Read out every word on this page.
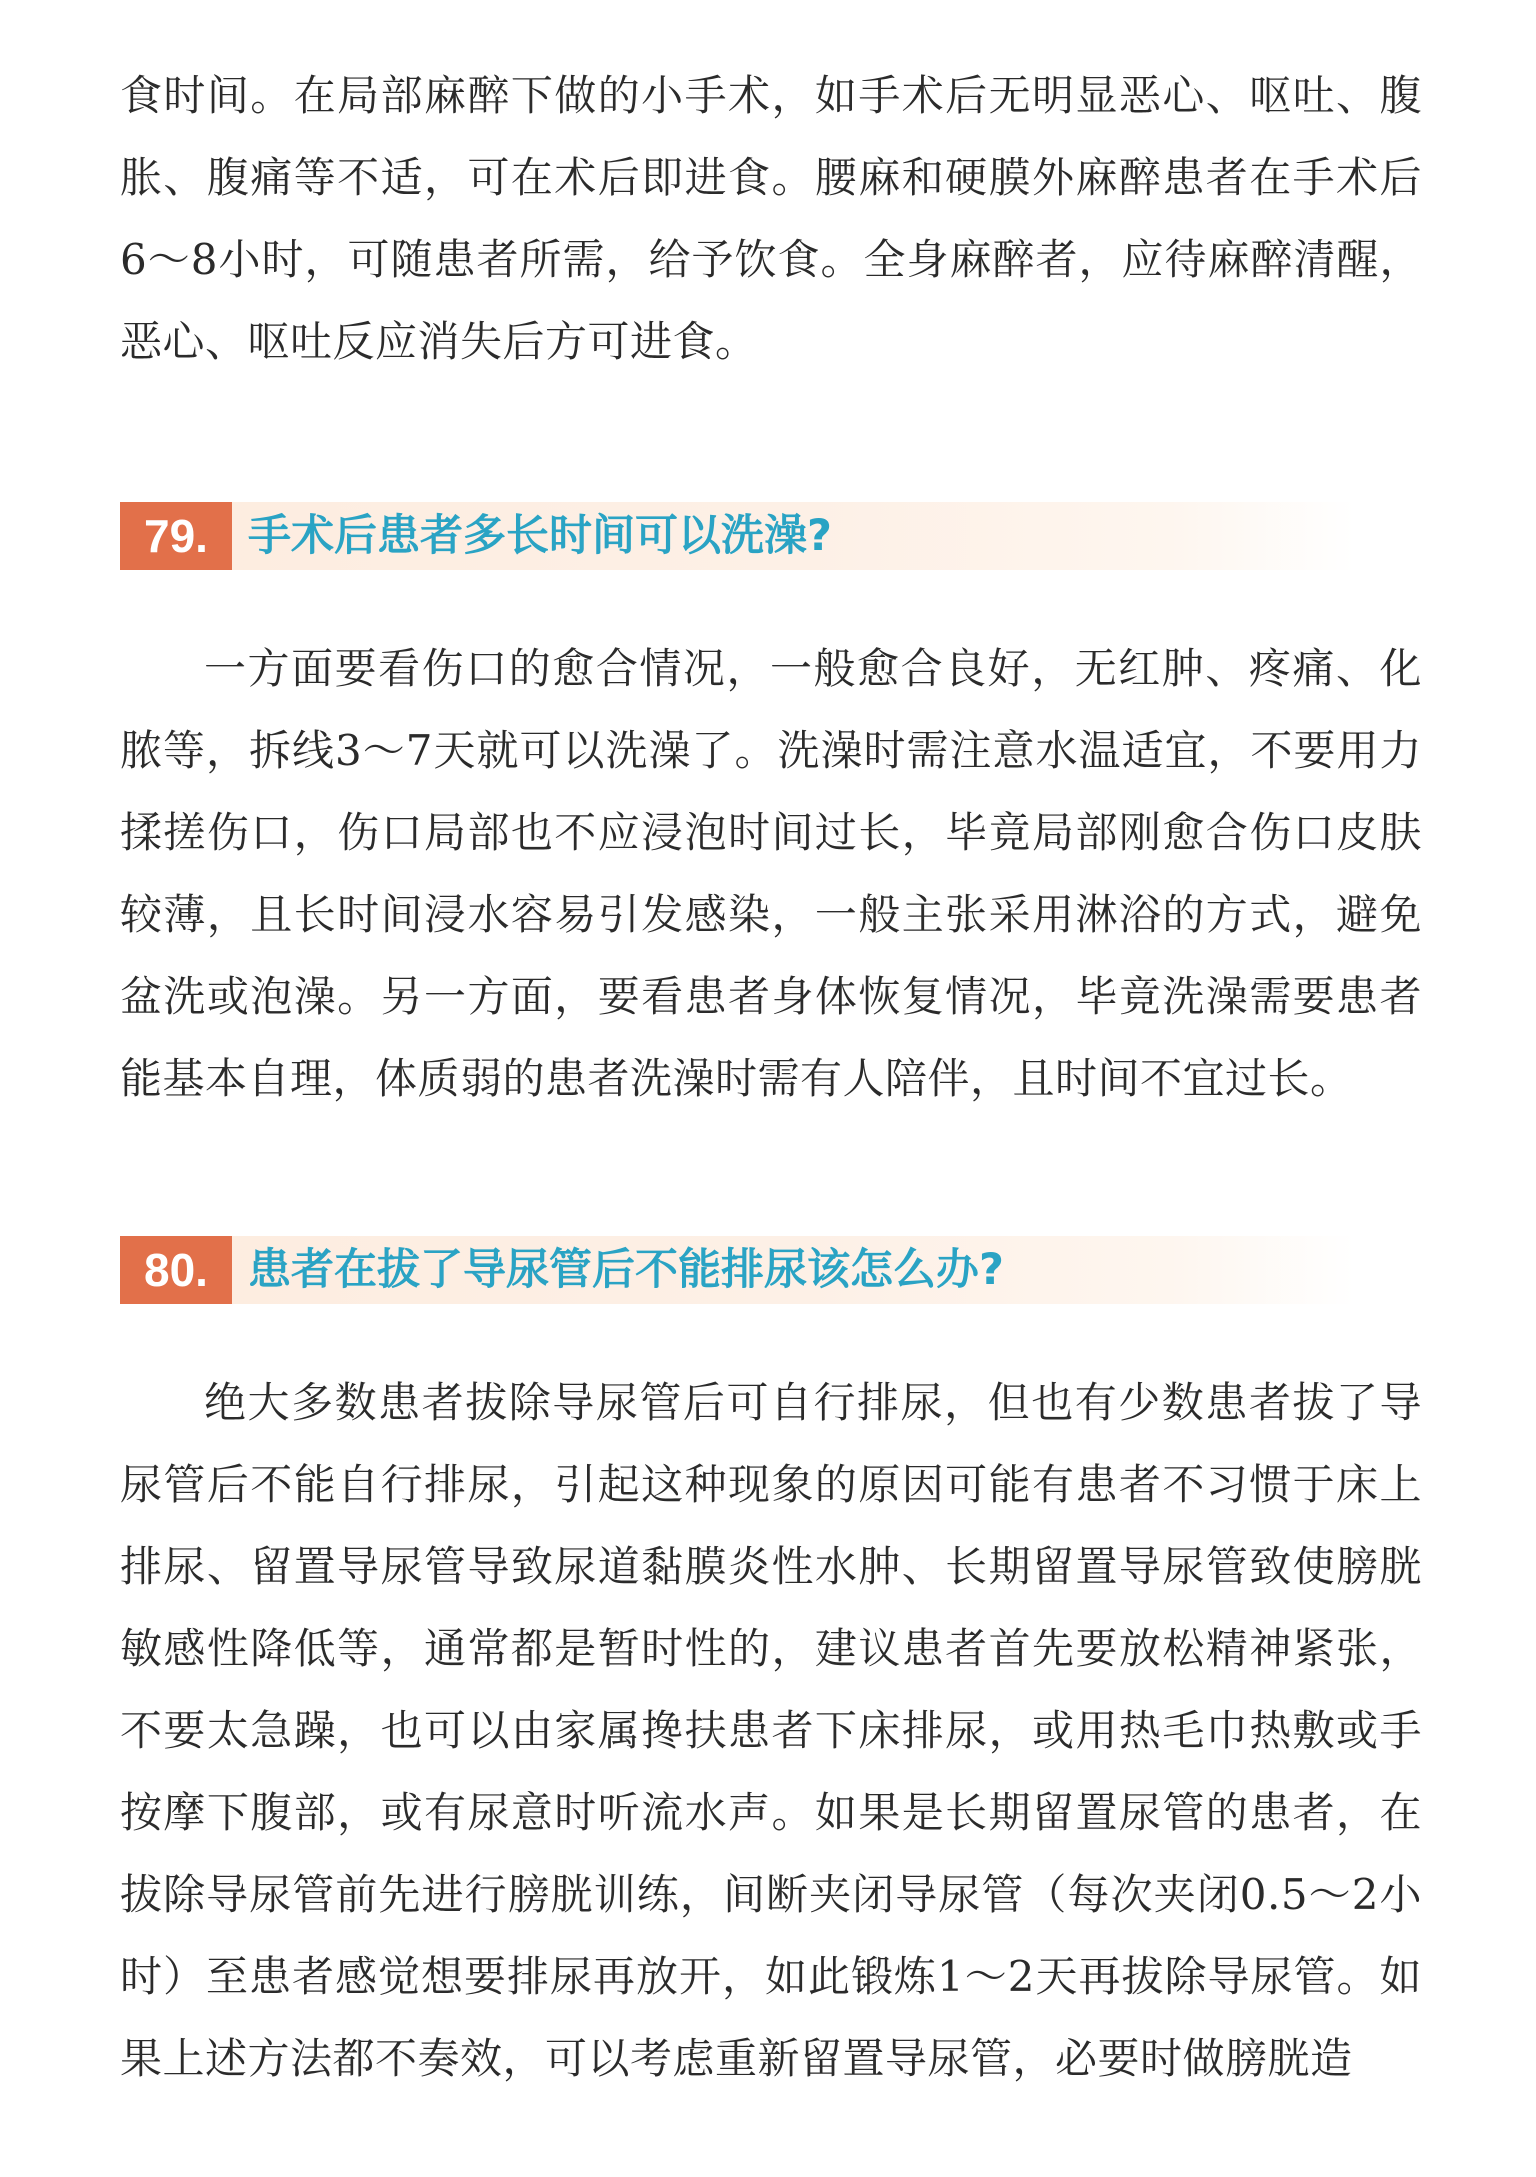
食时间。在局部麻醉下做的小手术，如手术后无明显恶心、呕吐、腹胀、腹痛等不适，可在术后即进食。腰麻和硬膜外麻醉患者在手术后6～8小时，可随患者所需，给予饮食。全身麻醉者，应待麻醉清醒，恶心、呕吐反应消失后方可进食。

79. 手术后患者多长时间可以洗澡?

一方面要看伤口的愈合情况，一般愈合良好，无红肿、疼痛、化脓等，拆线3～7天就可以洗澡了。洗澡时需注意水温适宜，不要用力揉搓伤口，伤口局部也不应浸泡时间过长，毕竟局部刚愈合伤口皮肤较薄，且长时间浸水容易引发感染，一般主张采用淋浴的方式，避免盆洗或泡澡。另一方面，要看患者身体恢复情况，毕竟洗澡需要患者能基本自理，体质弱的患者洗澡时需有人陪伴，且时间不宜过长。

80. 患者在拔了导尿管后不能排尿该怎么办?

绝大多数患者拔除导尿管后可自行排尿，但也有少数患者拔了导尿管后不能自行排尿，引起这种现象的原因可能有患者不习惯于床上排尿、留置导尿管导致尿道黏膜炎性水肿、长期留置导尿管致使膀胱敏感性降低等，通常都是暂时性的，建议患者首先要放松精神紧张，不要太急躁，也可以由家属搀扶患者下床排尿，或用热毛巾热敷或手按摩下腹部，或有尿意时听流水声。如果是长期留置尿管的患者，在拔除导尿管前先进行膀胱训练，间断夹闭导尿管（每次夹闭0.5～2小时）至患者感觉想要排尿再放开，如此锻炼1～2天再拔除导尿管。如果上述方法都不奏效，可以考虑重新留置导尿管，必要时做膀胱造
